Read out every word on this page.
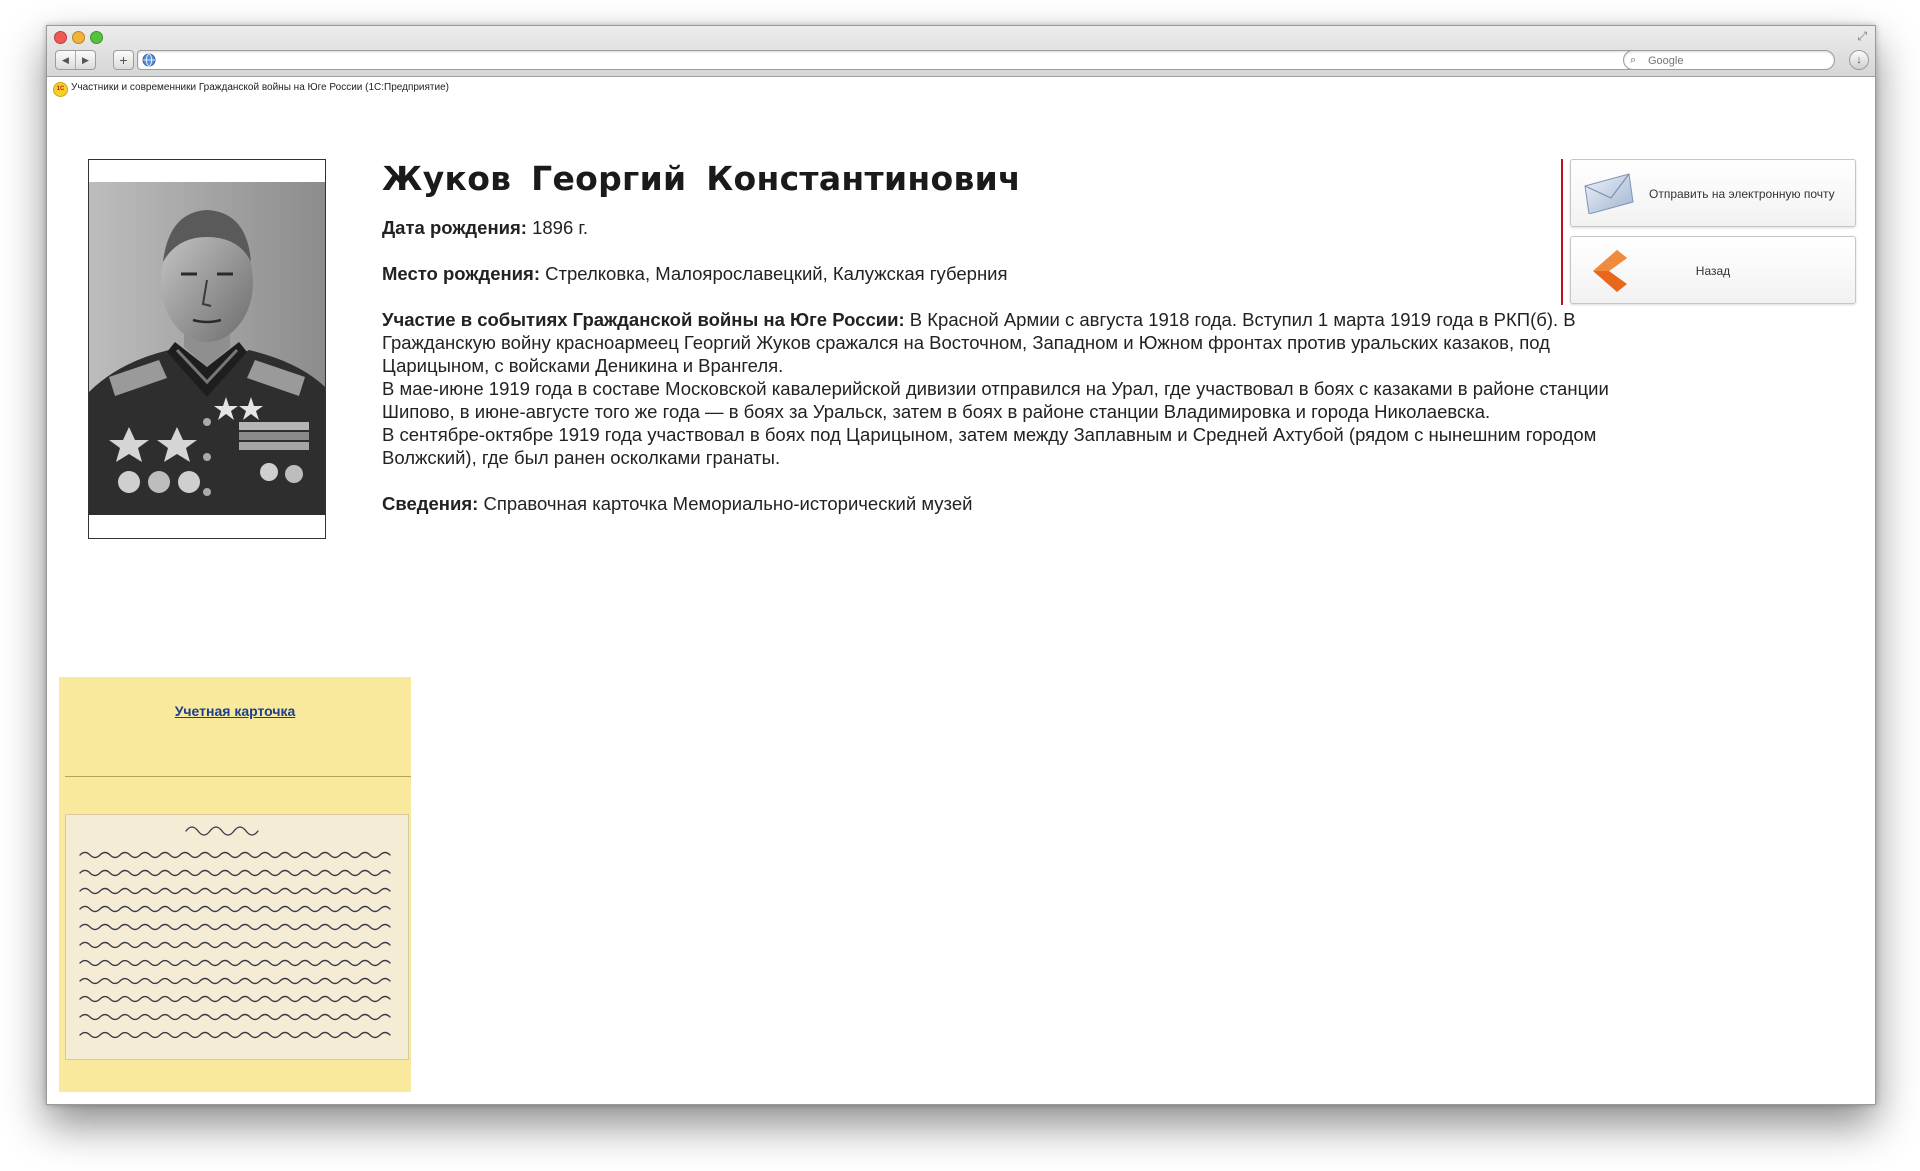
⤢
◀	▶	+	⌕
Google	↓
1C Участники и современники Гражданской войны на Юге России (1С:Предприятие)
Жуков Георгий Константинович
Дата рождения: 1896 г.
Место рождения: Стрелковка, Малоярославецкий, Калужская губерния
Участие в событиях Гражданской войны на Юге России: В Красной Армии с августа 1918 года. Вступил 1 марта 1919 года в РКП(б). В Гражданскую войну красноармеец Георгий Жуков сражался на Восточном, Западном и Южном фронтах против уральских казаков, под Царицыном, с войсками Деникина и Врангеля.
В мае-июне 1919 года в составе Московской кавалерийской дивизии отправился на Урал, где участвовал в боях с казаками в районе станции Шипово, в июне-августе того же года — в боях за Уральск, затем в боях в районе станции Владимировка и города Николаевска.
В сентябре-октябре 1919 года участвовал в боях под Царицыном, затем между Заплавным и Средней Ахтубой (рядом с нынешним городом Волжский), где был ранен осколками гранаты.
Сведения: Справочная карточка Мемориально-исторический музей
Отправить на электронную почту
Назад
Учетная карточка
